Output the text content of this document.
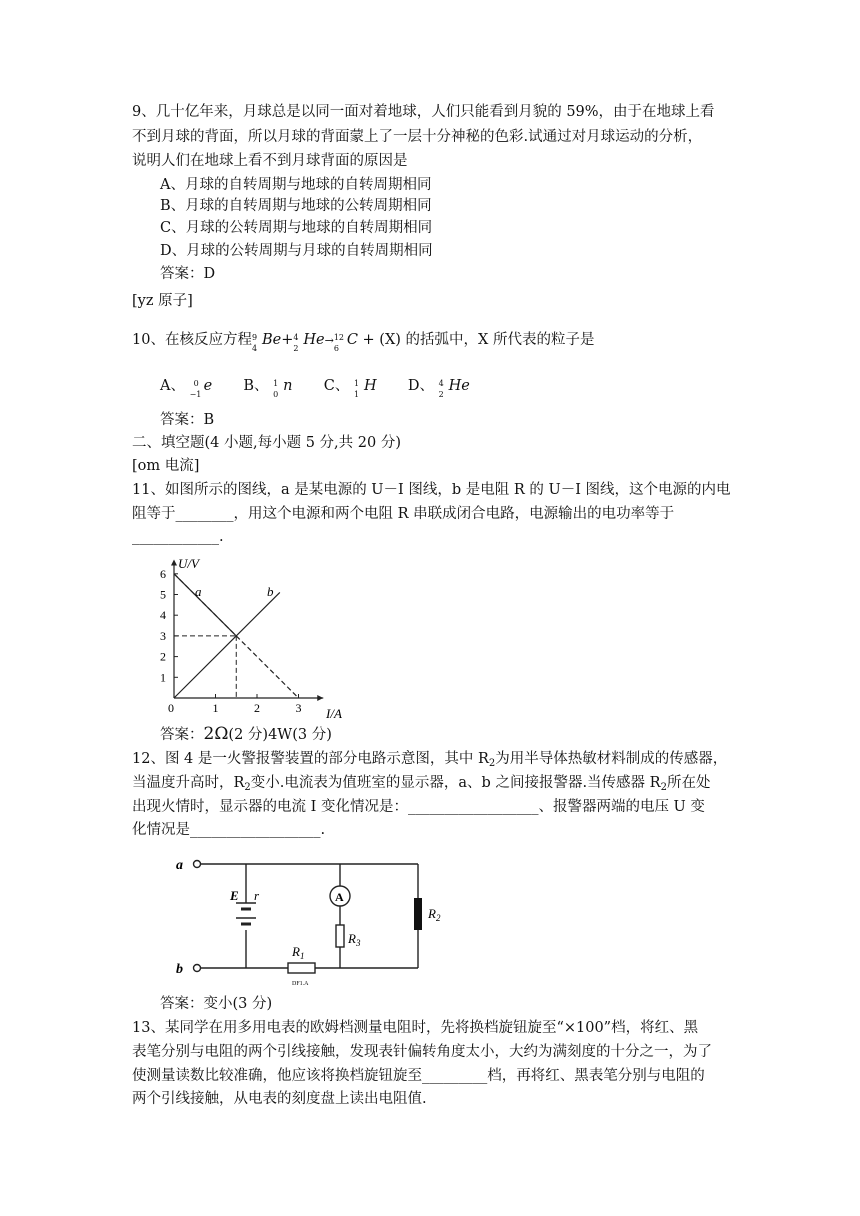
9、几十亿年来，月球总是以同一面对着地球，人们只能看到月貌的 59%，由于在地球上看
不到月球的背面，所以月球的背面蒙上了一层十分神秘的色彩.试通过对月球运动的分析，
说明人们在地球上看不到月球背面的原因是
A、月球的自转周期与地球的自转周期相同
B、月球的自转周期与地球的公转周期相同
C、月球的公转周期与地球的自转周期相同
D、月球的公转周期与月球的自转周期相同
答案：D
[yz 原子]
10、在核反应方程 9
4
Be+ 4
2
He→ 12
6
C + (X) 的括弧中，X 所代表的粒子是
A、 0
−1
e B、 1
0
n C、 1
1
H D、 4
2
He
答案：B
二、填空题(4 小题,每小题 5 分,共 20 分)
[om 电流]
11、如图所示的图线，a 是某电源的 U－I 图线，b 是电阻 R 的 U－I 图线，这个电源的内电
阻等于________，用这个电源和两个电阻 R 串联成闭合电路，电源输出的电功率等于
____________.
6
5
4
3
2
1
1	2	3
U/V
I/A
0
a	b
答案：2Ω(2 分)4W(3 分)
12、图 4 是一火警报警装置的部分电路示意图，其中 $R_2$为用半导体热敏材料制成的传感器，
当温度升高时，$R_2$变小.电流表为值班室的显示器，a、b 之间接报警器.当传感器 $R_2$所在处
出现火情时，显示器的电流 I 变化情况是：__________________、报警器两端的电压 U 变
化情况是__________________.
a
b
E r	A
$R_3$
$R_2$
$R_1$
DF1.A
答案：变小(3 分)
13、某同学在用多用电表的欧姆档测量电阻时，先将换档旋钮旋至“×100”档，将红、黑
表笔分别与电阻的两个引线接触，发现表针偏转角度太小，大约为满刻度的十分之一，为了
使测量读数比较准确，他应该将换档旋钮旋至_________档，再将红、黑表笔分别与电阻的
两个引线接触，从电表的刻度盘上读出电阻值.
